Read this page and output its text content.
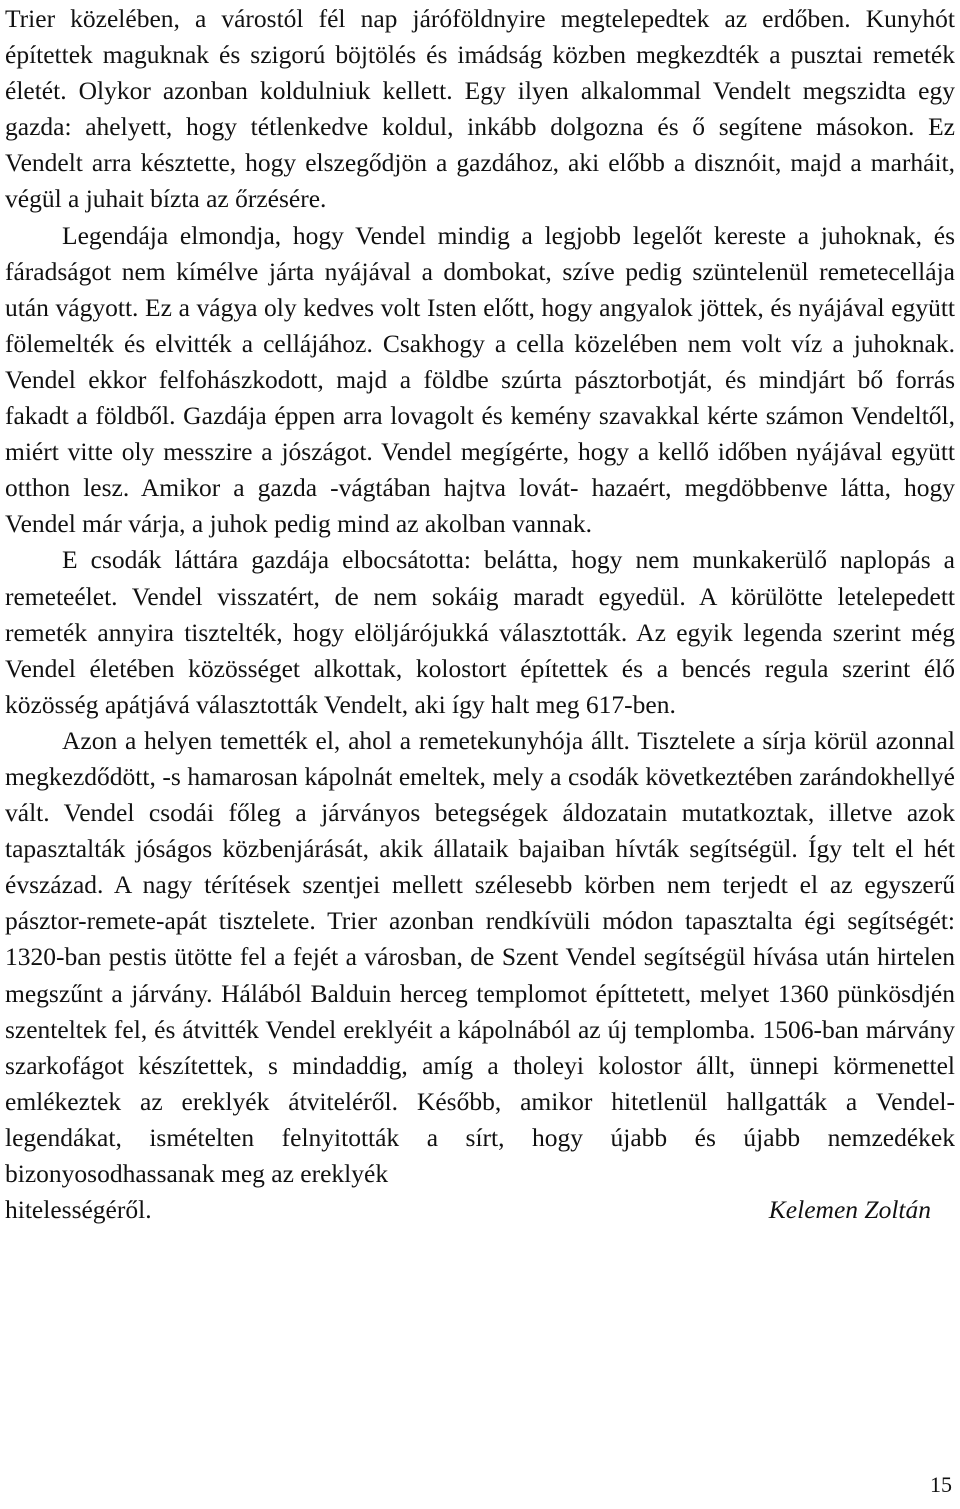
Trier közelében, a várostól fél nap járóföldnyire megtelepedtek az erdőben. Kunyhót építettek maguknak és szigorú böjtölés és imádság közben megkezdték a pusztai remeték életét. Olykor azonban koldulniuk kellett. Egy ilyen alkalommal Vendelt megszidta egy gazda: ahelyett, hogy tétlenkedve koldul, inkább dolgozna és ő segítene másokon. Ez Vendelt arra késztette, hogy elszegődjön a gazdához, aki előbb a disznóit, majd a marháit, végül a juhait bízta az őrzésére.

Legendája elmondja, hogy Vendel mindig a legjobb legelőt kereste a juhoknak, és fáradságot nem kímélve járta nyájával a dombokat, szíve pedig szüntelenül remetecellája után vágyott. Ez a vágya oly kedves volt Isten előtt, hogy angyalok jöttek, és nyájával együtt fölemelték és elvitték a cellájához. Csakhogy a cella közelében nem volt víz a juhoknak. Vendel ekkor felfohászkodott, majd a földbe szúrta pásztorbotját, és mindjárt bő forrás fakadt a földből. Gazdája éppen arra lovagolt és kemény szavakkal kérte számon Vendeltől, miért vitte oly messzire a jószágot. Vendel megígérte, hogy a kellő időben nyájával együtt otthon lesz. Amikor a gazda -vágtában hajtva lovát- hazaért, megdöbbenve látta, hogy Vendel már várja, a juhok pedig mind az akolban vannak.

E csodák láttára gazdája elbocsátotta: belátta, hogy nem munkakerülő naplopás a remeteélet. Vendel visszatért, de nem sokáig maradt egyedül. A körülötte letelepedett remeték annyira tisztelték, hogy elöljárójukká választották. Az egyik legenda szerint még Vendel életében közösséget alkottak, kolostort építettek és a bencés regula szerint élő közösség apátjává választották Vendelt, aki így halt meg 617-ben.

Azon a helyen temették el, ahol a remetekunyhója állt. Tisztelete a sírja körül azonnal megkezdődött, -s hamarosan kápolnát emeltek, mely a csodák következtében zarándokhellyé vált. Vendel csodái főleg a járványos betegségek áldozatain mutatkoztak, illetve azok tapasztalták jóságos közbenjárását, akik állataik bajaiban hívták segítségül. Így telt el hét évszázad. A nagy térítések szentjei mellett szélesebb körben nem terjedt el az egyszerű pásztor-remete-apát tisztelete. Trier azonban rendkívüli módon tapasztalta égi segítségét: 1320-ban pestis ütötte fel a fejét a városban, de Szent Vendel segítségül hívása után hirtelen megszűnt a járvány. Hálából Balduin herceg templomot építtetett, melyet 1360 pünkösdjén szenteltek fel, és átvitték Vendel ereklyéit a kápolnából az új templomba. 1506-ban márvány szarkofágot készítettek, s mindaddig, amíg a tholeyi kolostor állt, ünnepi körmenettel emlékeztek az ereklyék átviteléről. Később, amikor hitetlenül hallgatták a Vendel-legendákat, ismételten felnyitották a sírt, hogy újabb és újabb nemzedékek bizonyosodhassanak meg az ereklyék

hitelességéről.	Kelemen Zoltán
15
